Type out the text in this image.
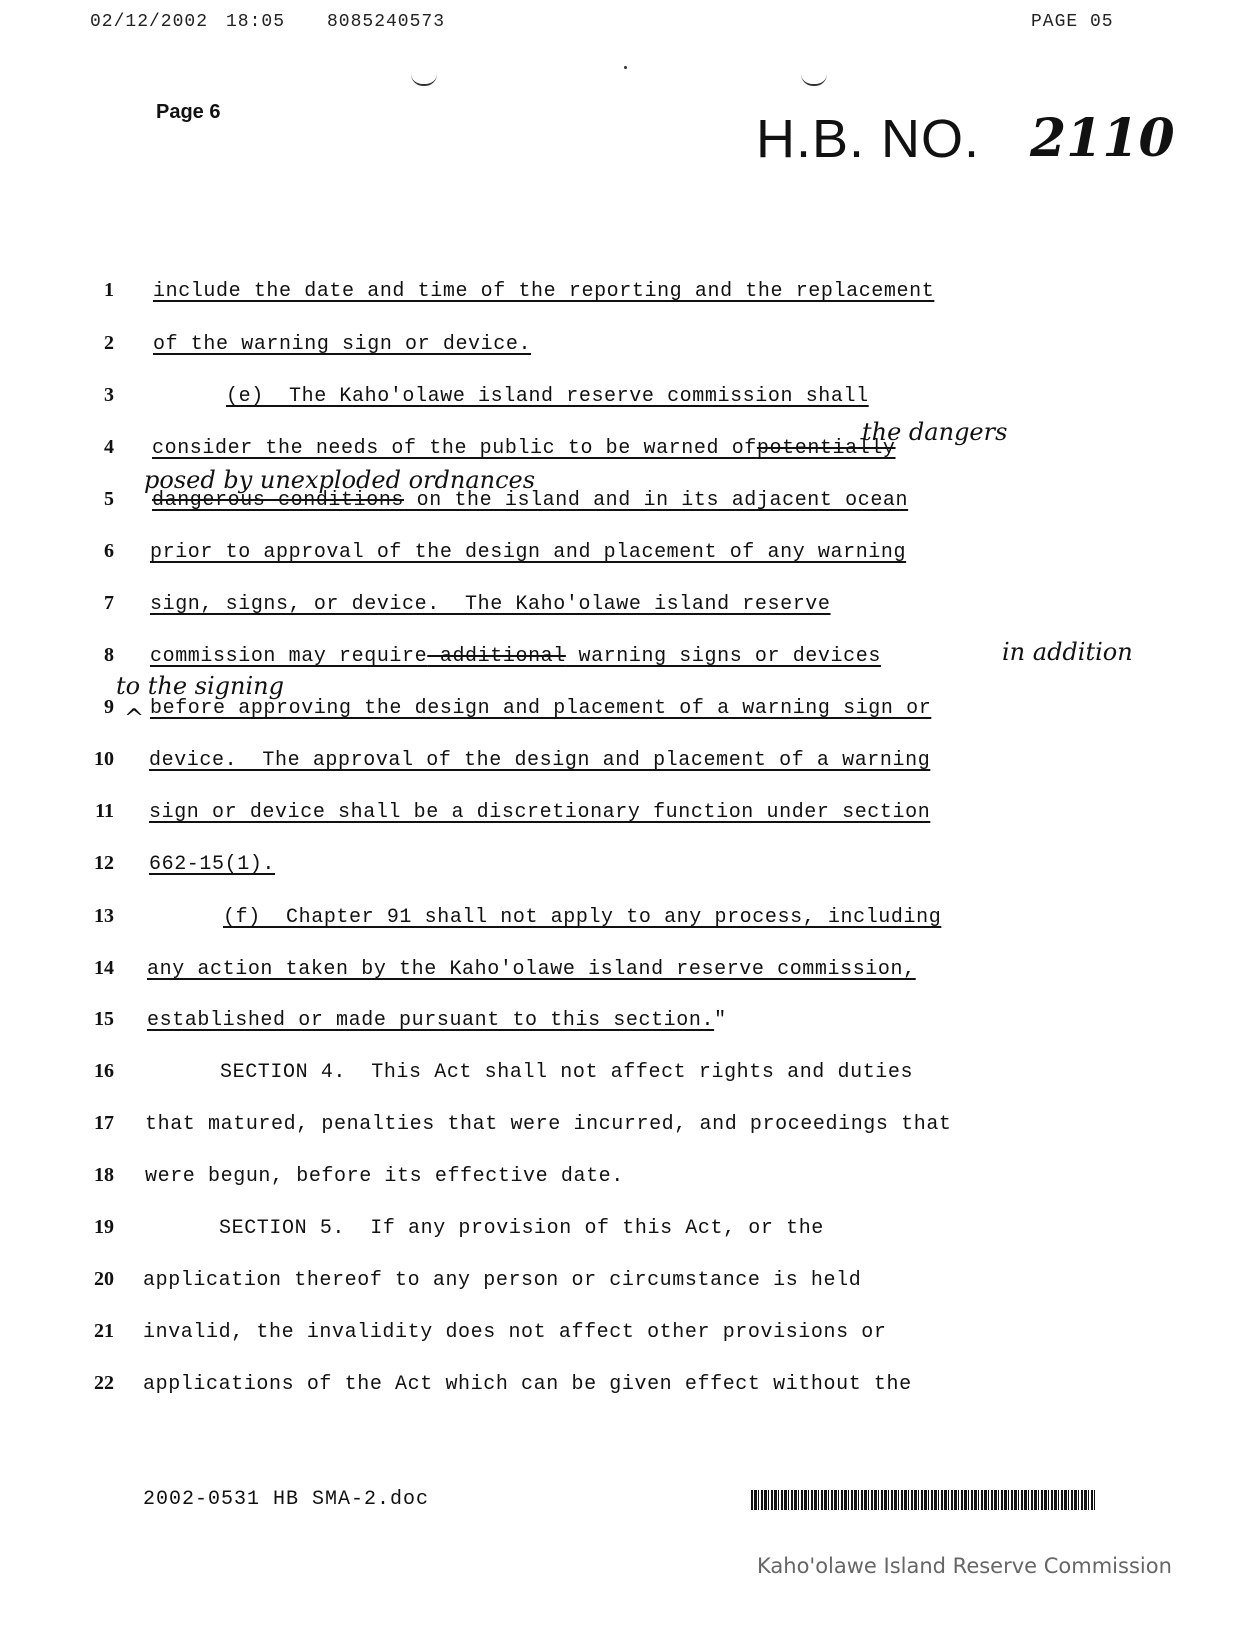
02/12/2002 18:05 8085240573	PAGE 05
Page 6	H.B. NO. 2110
1 include the date and time of the reporting and the replacement
2 of the warning sign or device.
3	(e)  The Kaho'olawe island reserve commission shall
4 consider the needs of the public to be warned ofpotentially
the dangers
posed by unexploded ordnances
5 dangerous conditions on the island and in its adjacent ocean
6 prior to approval of the design and placement of any warning
7 sign, signs, or device.  The Kaho'olawe island reserve
8 commission may require additional warning signs or devices	in addition
to the signing
9 ^ before approving the design and placement of a warning sign or
10 device.  The approval of the design and placement of a warning
11 sign or device shall be a discretionary function under section
12 662-15(1).
13	(f)  Chapter 91 shall not apply to any process, including
14 any action taken by the Kaho'olawe island reserve commission,
15 established or made pursuant to this section."
16	SECTION 4.  This Act shall not affect rights and duties
17 that matured, penalties that were incurred, and proceedings that
18 were begun, before its effective date.
19	SECTION 5.  If any provision of this Act, or the
20 application thereof to any person or circumstance is held
21 invalid, the invalidity does not affect other provisions or
22 applications of the Act which can be given effect without the
2002-0531 HB SMA-2.doc
Kaho'olawe Island Reserve Commission
